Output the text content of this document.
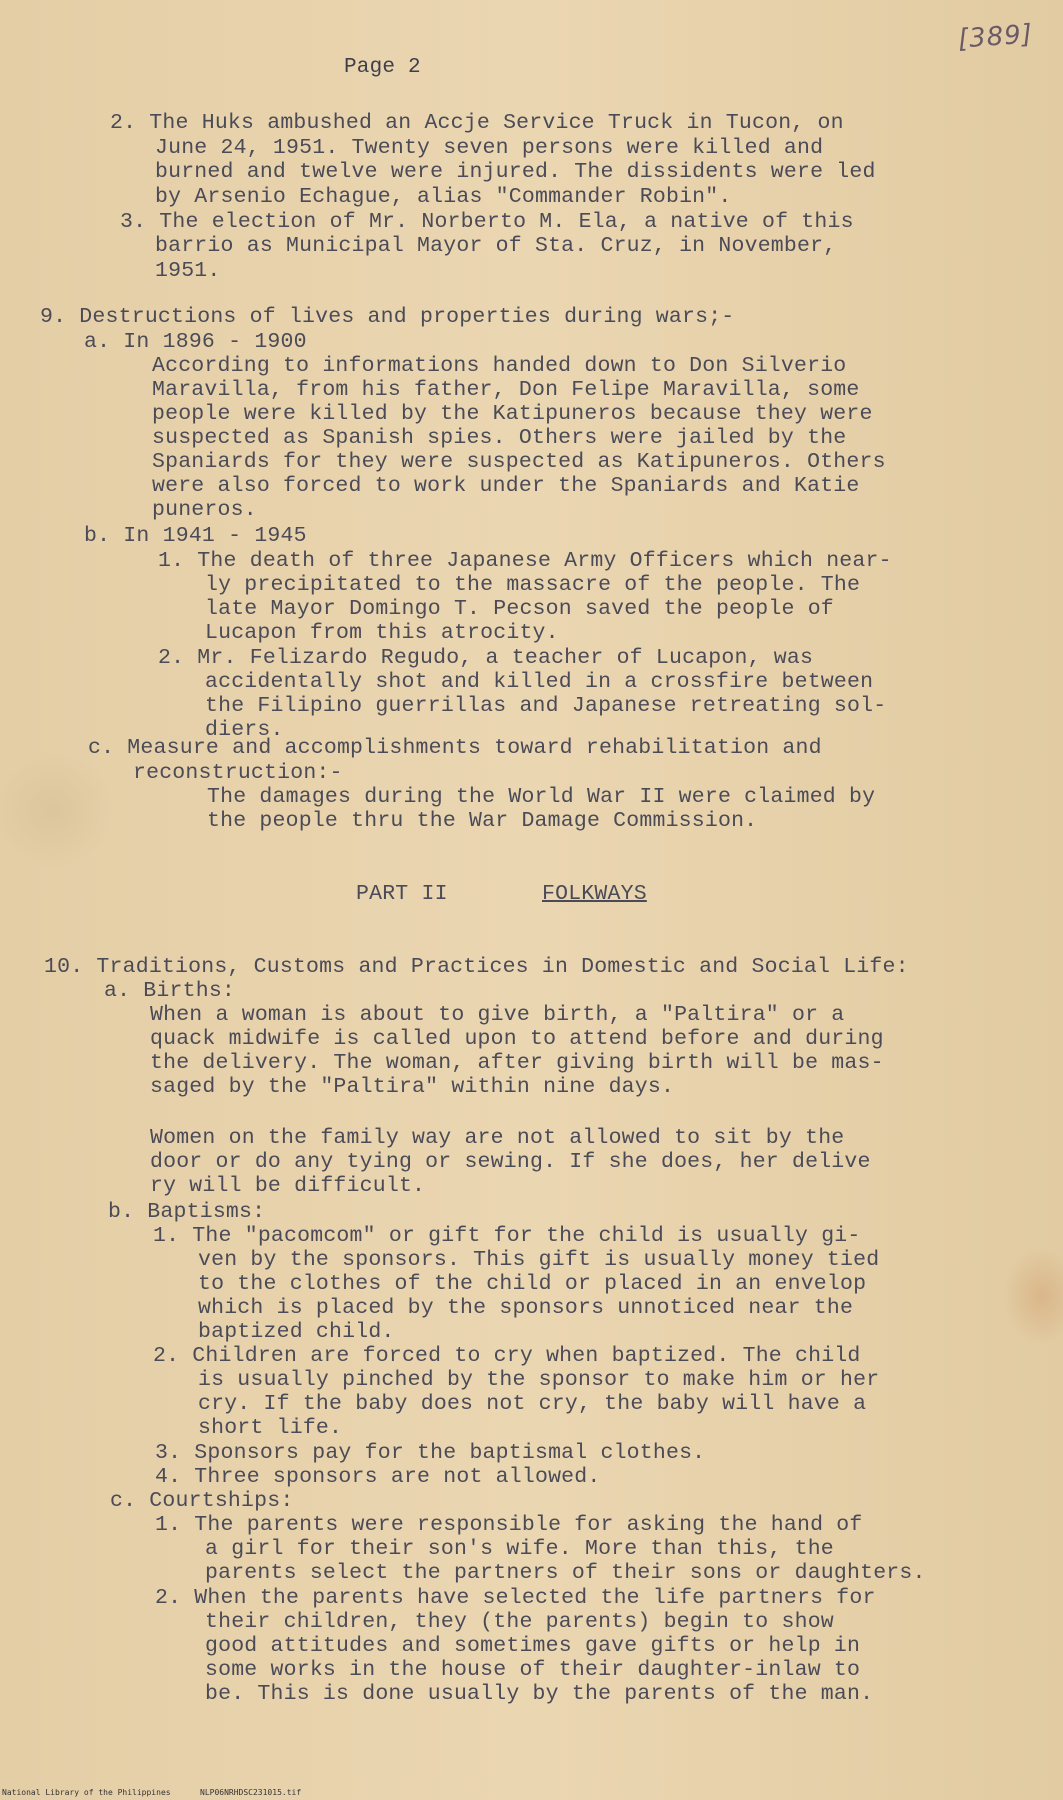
[389]
Page 2
2. The Huks ambushed an Accje Service Truck in Tucon, on
June 24, 1951. Twenty seven persons were killed and
burned and twelve were injured. The dissidents were led
by Arsenio Echague, alias "Commander Robin".
3. The election of Mr. Norberto M. Ela, a native of this
barrio as Municipal Mayor of Sta. Cruz, in November,
1951.
9. Destructions of lives and properties during wars;-
a. In 1896 - 1900
According to informations handed down to Don Silverio
Maravilla, from his father, Don Felipe Maravilla, some
people were killed by the Katipuneros because they were
suspected as Spanish spies. Others were jailed by the
Spaniards for they were suspected as Katipuneros. Others
were also forced to work under the Spaniards and Katie
puneros.
b. In 1941 - 1945
1. The death of three Japanese Army Officers which near-
ly precipitated to the massacre of the people. The
late Mayor Domingo T. Pecson saved the people of
Lucapon from this atrocity.
2. Mr. Felizardo Regudo, a teacher of Lucapon, was
accidentally shot and killed in a crossfire between
the Filipino guerrillas and Japanese retreating sol-
diers.
c. Measure and accomplishments toward rehabilitation and
reconstruction:-
The damages during the World War II were claimed by
the people thru the War Damage Commission.
PART II	FOLKWAYS
10. Traditions, Customs and Practices in Domestic and Social Life:
a. Births:
When a woman is about to give birth, a "Paltira" or a
quack midwife is called upon to attend before and during
the delivery. The woman, after giving birth will be mas-
saged by the "Paltira" within nine days.
Women on the family way are not allowed to sit by the
door or do any tying or sewing. If she does, her delive
ry will be difficult.
b. Baptisms:
1. The "pacomcom" or gift for the child is usually gi-
ven by the sponsors. This gift is usually money tied
to the clothes of the child or placed in an envelop
which is placed by the sponsors unnoticed near the
baptized child.
2. Children are forced to cry when baptized. The child
is usually pinched by the sponsor to make him or her
cry. If the baby does not cry, the baby will have a
short life.
3. Sponsors pay for the baptismal clothes.
4. Three sponsors are not allowed.
c. Courtships:
1. The parents were responsible for asking the hand of
a girl for their son's wife. More than this, the
parents select the partners of their sons or daughters.
2. When the parents have selected the life partners for
their children, they (the parents) begin to show
good attitudes and sometimes gave gifts or help in
some works in the house of their daughter-inlaw to
be. This is done usually by the parents of the man.
National Library of the Philippines	NLP06NRHDSC231015.tif
